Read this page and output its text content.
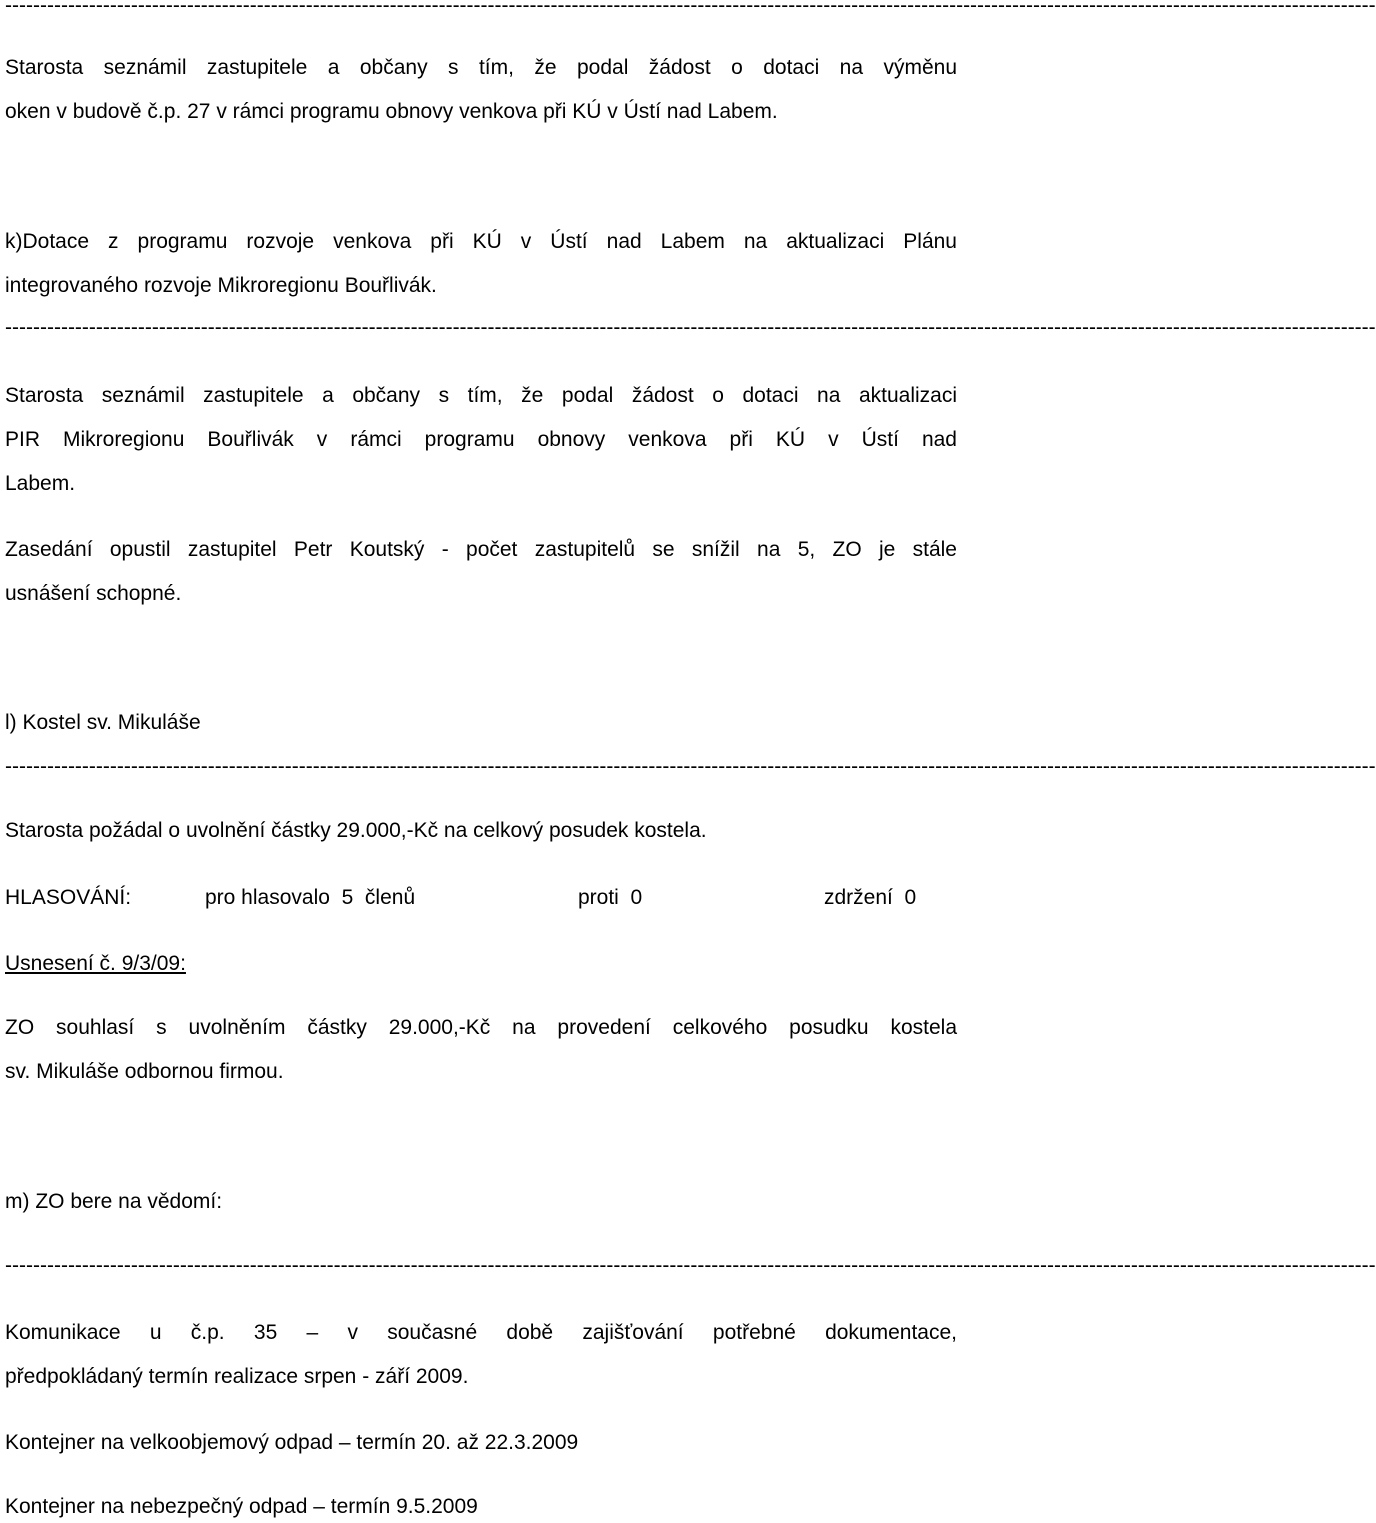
----------------------------------------------------------------------------------------------------------------------------------------------------------------------------------------------------
Starosta seznámil zastupitele a občany s tím, že podal žádost o dotaci na výměnu
oken v budově č.p. 27 v rámci programu obnovy venkova při KÚ v Ústí nad Labem.
k)Dotace z programu rozvoje venkova při KÚ v Ústí nad Labem na aktualizaci Plánu
integrovaného rozvoje Mikroregionu Bouřlivák.
----------------------------------------------------------------------------------------------------------------------------------------------------------------------------------------------------
Starosta seznámil zastupitele a občany s tím, že podal žádost o dotaci na aktualizaci
PIR Mikroregionu Bouřlivák v rámci programu obnovy venkova při KÚ v Ústí nad
Labem.
Zasedání opustil zastupitel Petr Koutský - počet zastupitelů se snížil na 5, ZO je stále
usnášení schopné.
l) Kostel sv. Mikuláše
----------------------------------------------------------------------------------------------------------------------------------------------------------------------------------------------------
Starosta požádal o uvolnění částky 29.000,-Kč na celkový posudek kostela.
HLASOVÁNÍ:	pro hlasovalo  5  členů	proti  0	zdržení  0
Usnesení č. 9/3/09:
ZO souhlasí s uvolněním částky 29.000,-Kč na provedení celkového posudku kostela
sv. Mikuláše odbornou firmou.
m) ZO bere na vědomí:
----------------------------------------------------------------------------------------------------------------------------------------------------------------------------------------------------
Komunikace u č.p. 35 – v současné době zajišťování potřebné dokumentace,
předpokládaný termín realizace srpen - září 2009.
Kontejner na velkoobjemový odpad – termín 20. až 22.3.2009
Kontejner na nebezpečný odpad – termín 9.5.2009
